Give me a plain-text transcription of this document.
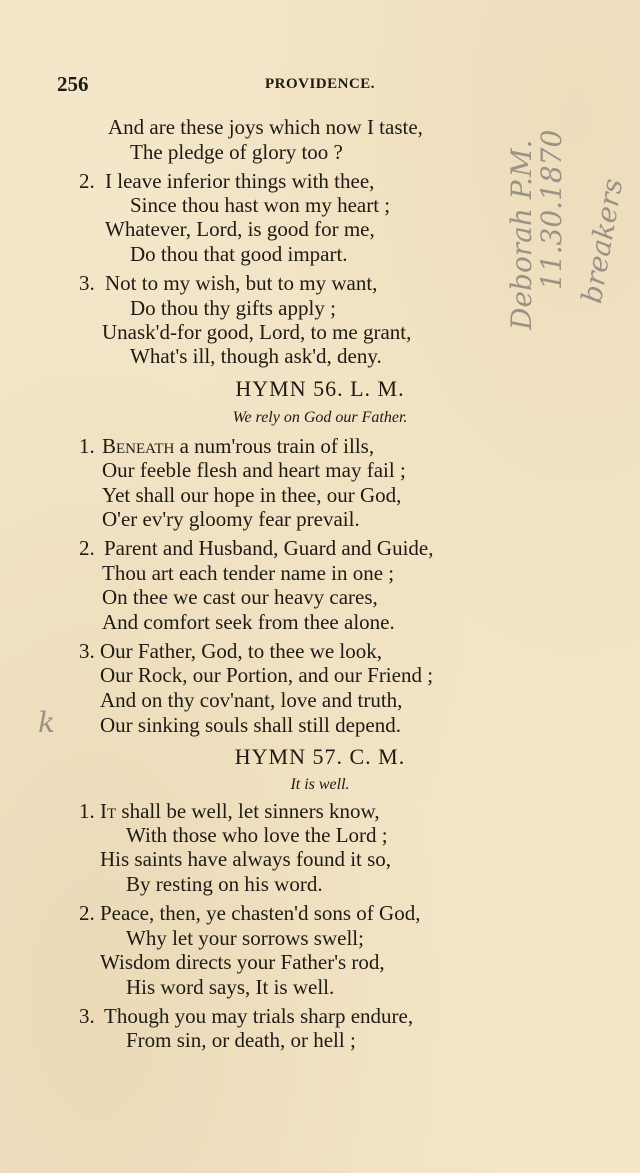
256	PROVIDENCE.
And are these joys which now I taste,
The pledge of glory too ?
2. I leave inferior things with thee,
Since thou hast won my heart ;
Whatever, Lord, is good for me,
Do thou that good impart.
3. Not to my wish, but to my want,
Do thou thy gifts apply ;
Unask'd-for good, Lord, to me grant,
What's ill, though ask'd, deny.
HYMN 56. L. M.
We rely on God our Father.
1. Beneath a num'rous train of ills,
Our feeble flesh and heart may fail ;
Yet shall our hope in thee, our God,
O'er ev'ry gloomy fear prevail.
2. Parent and Husband, Guard and Guide,
Thou art each tender name in one ;
On thee we cast our heavy cares,
And comfort seek from thee alone.
3. Our Father, God, to thee we look,
Our Rock, our Portion, and our Friend ;
And on thy cov'nant, love and truth,
Our sinking souls shall still depend.
HYMN 57. C. M.
It is well.
1. It shall be well, let sinners know,
With those who love the Lord ;
His saints have always found it so,
By resting on his word.
2. Peace, then, ye chasten'd sons of God,
Why let your sorrows swell;
Wisdom directs your Father's rod,
His word says, It is well.
3. Though you may trials sharp endure,
From sin, or death, or hell ;
Deborah P.M.
11.30.1870 breakers
k
